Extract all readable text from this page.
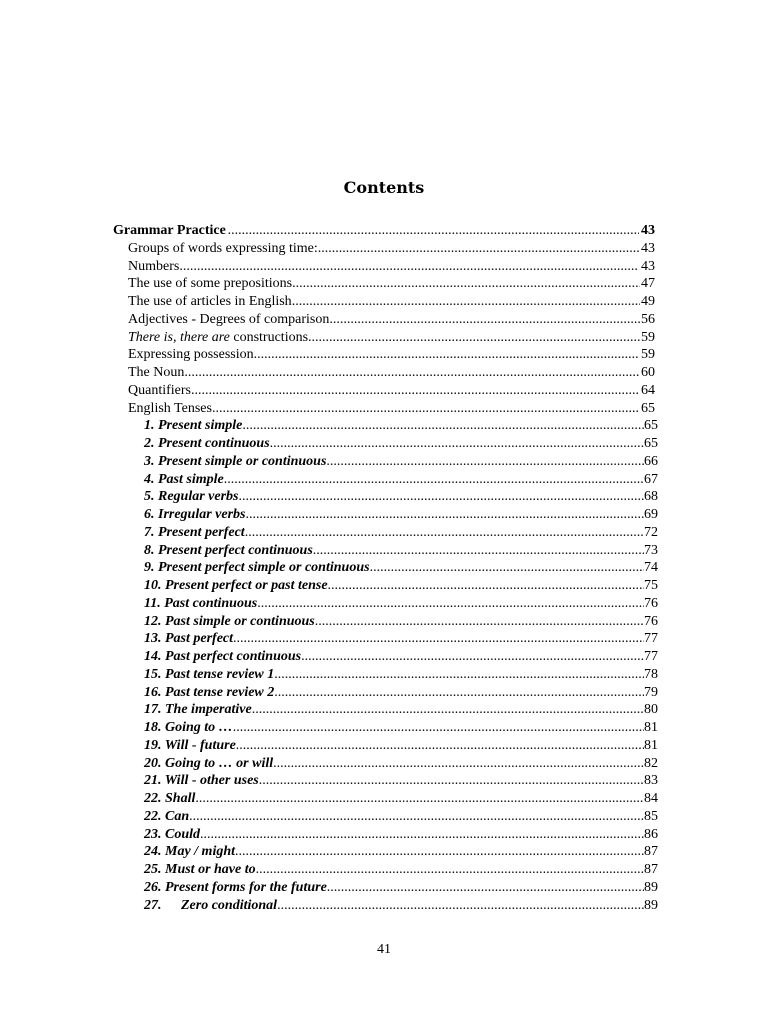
Contents
Grammar Practice .....	43
Groups of words expressing time: .....	43
Numbers .....	43
The use of some prepositions .....	47
The use of articles in English .....	49
Adjectives - Degrees of comparison .....	56
There is, there are constructions .....	59
Expressing possession .....	59
The Noun .....	60
Quantifiers .....	64
English Tenses .....	65
1. Present simple .....	65
2. Present continuous .....	65
3. Present simple or continuous .....	66
4. Past simple .....	67
5. Regular verbs .....	68
6. Irregular verbs .....	69
7. Present perfect .....	72
8. Present perfect continuous .....	73
9. Present perfect simple or continuous .....	74
10. Present perfect or past tense .....	75
11. Past continuous .....	76
12. Past simple or continuous .....	76
13. Past perfect .....	77
14. Past perfect continuous .....	77
15. Past tense review 1 .....	78
16. Past tense review 2 .....	79
17. The imperative .....	80
18. Going to … .....	81
19. Will - future .....	81
20. Going to … or will .....	82
21. Will - other uses .....	83
22. Shall .....	84
22. Can .....	85
23. Could .....	86
24. May / might .....	87
25. Must or have to .....	87
26. Present forms for the future .....	89
27. Zero conditional .....	89
41
